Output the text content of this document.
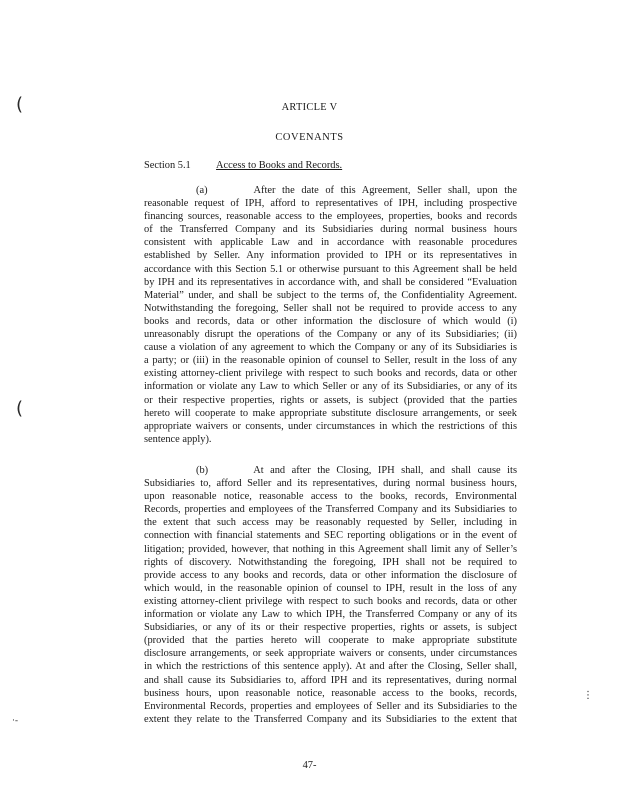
(
(
‧‐
⋮
ARTICLE V
COVENANTS
Section 5.1 Access to Books and Records.
(a)       After the date of this Agreement, Seller shall, upon the
reasonable request of IPH, afford to representatives of IPH, including prospective
financing sources, reasonable access to the employees, properties, books and records
of the Transferred Company and its Subsidiaries during normal business hours
consistent with applicable Law and in accordance with reasonable procedures
established by Seller. Any information provided to IPH or its representatives in
accordance with this Section 5.1 or otherwise pursuant to this Agreement shall be held
by IPH and its representatives in accordance with, and shall be considered “Evaluation
Material” under, and shall be subject to the terms of, the Confidentiality Agreement.
Notwithstanding the foregoing, Seller shall not be required to provide access to any
books and records, data or other information the disclosure of which would (i)
unreasonably disrupt the operations of the Company or any of its Subsidiaries; (ii)
cause a violation of any agreement to which the Company or any of its Subsidiaries is
a party; or (iii) in the reasonable opinion of counsel to Seller, result in the loss of any
existing attorney-client privilege with respect to such books and records, data or other
information or violate any Law to which Seller or any of its Subsidiaries, or any of its
or their respective properties, rights or assets, is subject (provided that the parties
hereto will cooperate to make appropriate substitute disclosure arrangements, or seek
appropriate waivers or consents, under circumstances in which the restrictions of this
sentence apply).
(b)       At and after the Closing, IPH shall, and shall cause its
Subsidiaries to, afford Seller and its representatives, during normal business hours,
upon reasonable notice, reasonable access to the books, records, Environmental
Records, properties and employees of the Transferred Company and its Subsidiaries to
the extent that such access may be reasonably requested by Seller, including in
connection with financial statements and SEC reporting obligations or in the event of
litigation; provided, however, that nothing in this Agreement shall limit any of Seller’s
rights of discovery. Notwithstanding the foregoing, IPH shall not be required to
provide access to any books and records, data or other information the disclosure of
which would, in the reasonable opinion of counsel to IPH, result in the loss of any
existing attorney-client privilege with respect to such books and records, data or other
information or violate any Law to which IPH, the Transferred Company or any of its
Subsidiaries, or any of its or their respective properties, rights or assets, is subject
(provided that the parties hereto will cooperate to make appropriate substitute
disclosure arrangements, or seek appropriate waivers or consents, under circumstances
in which the restrictions of this sentence apply). At and after the Closing, Seller shall,
and shall cause its Subsidiaries to, afford IPH and its representatives, during normal
business hours, upon reasonable notice, reasonable access to the books, records,
Environmental Records, properties and employees of Seller and its Subsidiaries to the
extent they relate to the Transferred Company and its Subsidiaries to the extent that
47-
